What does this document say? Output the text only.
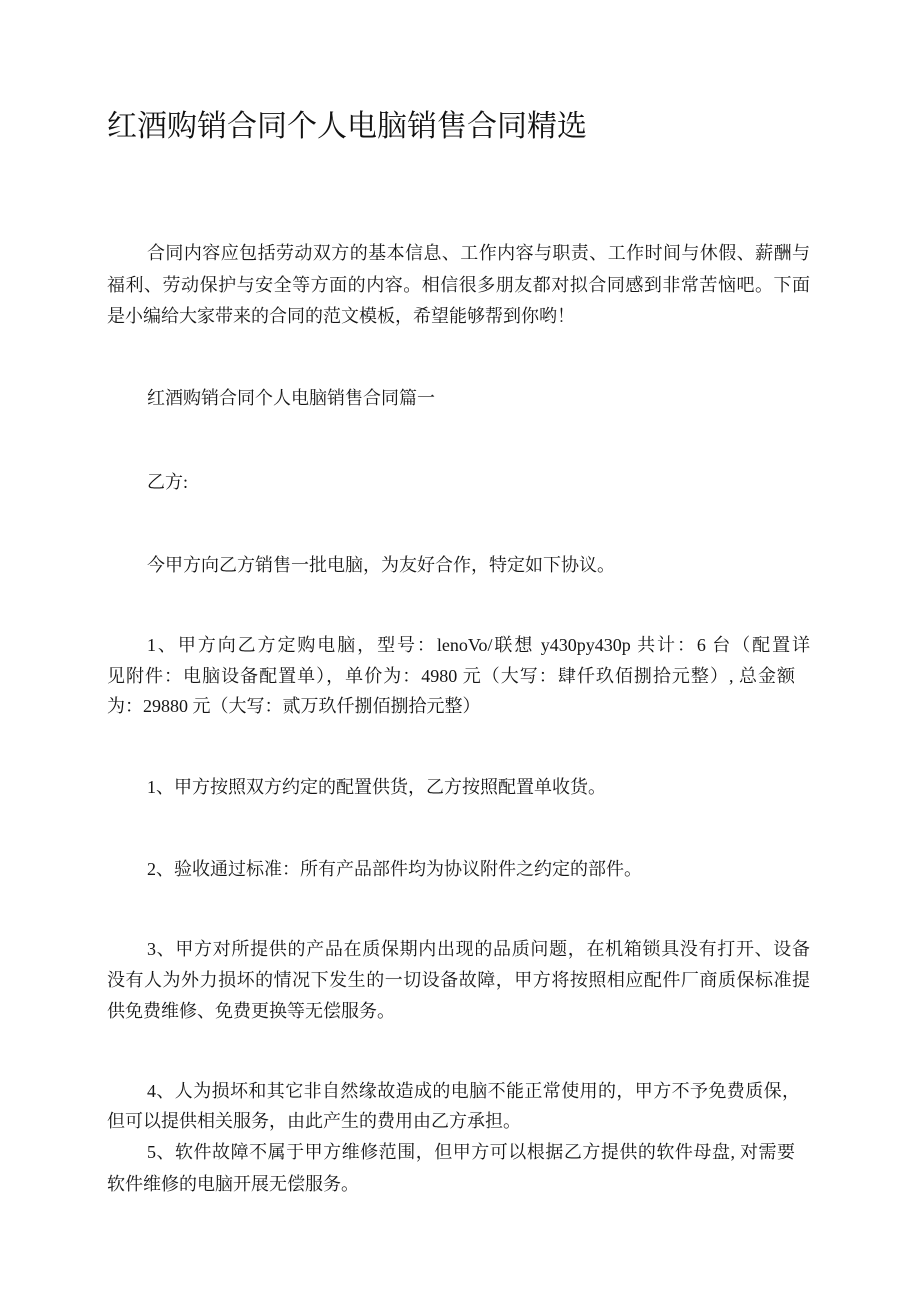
红酒购销合同个人电脑销售合同精选
合同内容应包括劳动双方的基本信息、工作内容与职责、工作时间与休假、薪酬与
福利、劳动保护与安全等方面的内容。相信很多朋友都对拟合同感到非常苦恼吧。下面
是小编给大家带来的合同的范文模板，希望能够帮到你哟！
红酒购销合同个人电脑销售合同篇一
乙方:
今甲方向乙方销售一批电脑，为友好合作，特定如下协议。
1、甲方向乙方定购电脑，型号：lenoVo/联想 y430py430p 共计：6 台（配置详
见附件：电脑设备配置单），单价为：4980 元（大写：肆仟玖佰捌拾元整）, 总金额
为：29880 元（大写：贰万玖仟捌佰捌拾元整）
1、甲方按照双方约定的配置供货，乙方按照配置单收货。
2、验收通过标准：所有产品部件均为协议附件之约定的部件。
3、甲方对所提供的产品在质保期内出现的品质问题，在机箱锁具没有打开、设备
没有人为外力损坏的情况下发生的一切设备故障，甲方将按照相应配件厂商质保标准提
供免费维修、免费更换等无偿服务。
4、人为损坏和其它非自然缘故造成的电脑不能正常使用的，甲方不予免费质保，
但可以提供相关服务，由此产生的费用由乙方承担。
5、软件故障不属于甲方维修范围，但甲方可以根据乙方提供的软件母盘, 对需要
软件维修的电脑开展无偿服务。
